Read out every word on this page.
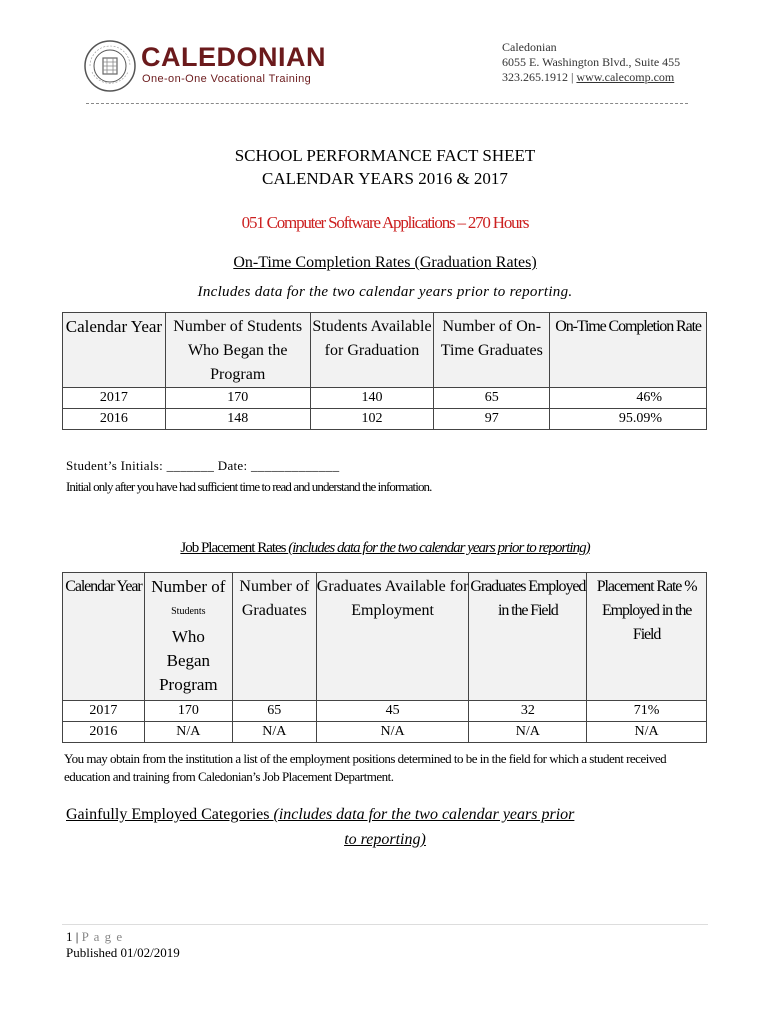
CALEDONIAN
One-on-One Vocational Training
Caledonian
6055 E. Washington Blvd., Suite 455
323.265.1912 | www.calecomp.com
SCHOOL PERFORMANCE FACT SHEET
CALENDAR YEARS 2016 & 2017
051 Computer Software Applications – 270 Hours
On-Time Completion Rates (Graduation Rates)
Includes data for the two calendar years prior to reporting.
Calendar Year	Number of Students Who Began the Program	Students Available for Graduation	Number of On-Time Graduates	On-Time Completion Rate
2017	170	140	65	46%
2016	148	102	97	95.09%
Student’s Initials: _______ Date: _____________
Initial only after you have had sufficient time to read and understand the information.
Job Placement Rates (includes data for the two calendar years prior to reporting)
Calendar Year	Number of
Students
Who Began Program	Number of Graduates	Graduates Available for Employment	Graduates Employed in the Field	Placement Rate % Employed in the Field
2017	170	65	45	32	71%
2016	N/A	N/A	N/A	N/A	N/A
You may obtain from the institution a list of the employment positions determined to be in the field for which a student received education and training from Caledonian’s Job Placement Department.
Gainfully Employed Categories (includes data for the two calendar years prior
to reporting)
1 | P a g e
Published 01/02/2019
